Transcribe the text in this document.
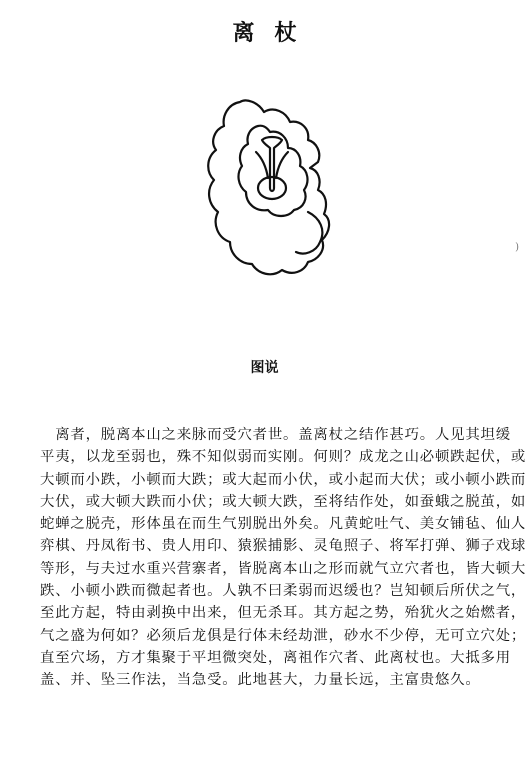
离杖
图说
　离者，脱离本山之来脉而受穴者世。盖离杖之结作甚巧。人见其坦缓
平夷，以龙至弱也，殊不知似弱而实刚。何则？成龙之山必顿跌起伏，或
大顿而小跌，小顿而大跌；或大起而小伏，或小起而大伏；或小顿小跌而
大伏，或大顿大跌而小伏；或大顿大跌，至将结作处，如蚕蛾之脱茧，如
蛇蝉之脱壳，形体虽在而生气别脱出外矣。凡黄蛇吐气、美女铺毡、仙人
弈棋、丹凤衔书、贵人用印、猿猴捕影、灵龟照子、将军打弹、狮子戏球
等形，与夫过水重兴营寨者，皆脱离本山之形而就气立穴者也，皆大顿大
跌、小顿小跌而微起者也。人孰不曰柔弱而迟缓也？岂知顿后所伏之气，
至此方起，特由剥换中出来，但无杀耳。其方起之势，殆犹火之始燃者，
气之盛为何如？必须后龙俱是行体未经劫泄，砂水不少停，无可立穴处；
直至穴场，方才集聚于平坦微突处，离祖作穴者、此离杖也。大抵多用
盖、并、坠三作法，当急受。此地甚大，力量长远，主富贵悠久。
)
